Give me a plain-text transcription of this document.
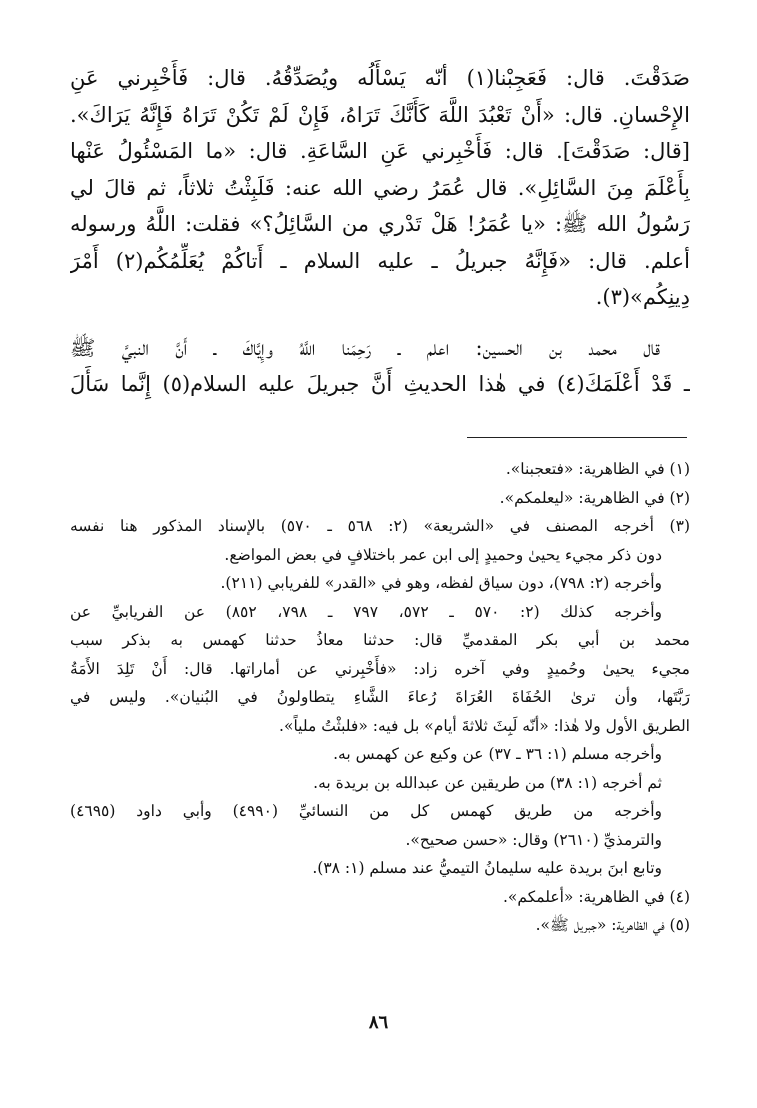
صَدَقْتَ. قال: فَعَجِبْنا(١) أنّه يَسْأَلُه ويُصَدِّقُهُ. قال: فَأَخْبِرني عَنِ
الإِحْسانِ. قال: «أَنْ تَعْبُدَ اللَّهَ كَأَنَّكَ تَرَاهُ، فَإِنْ لَمْ تَكُنْ تَرَاهُ فَإِنَّهُ يَرَاكَ».
[قال: صَدَقْتَ]. قال: فَأَخْبِرني عَنِ السَّاعَةِ. قال: «ما المَسْئُولُ عَنْها
بِأَعْلَمَ مِنَ السَّائِلِ». قال عُمَرُ رضي الله عنه: فَلَبِثْتُ ثلاثاً، ثم قالَ لي
رَسُولُ الله ﷺ: «يا عُمَرُ! هَلْ تَدْري من السَّائِلُ؟» فقلت: اللَّهُ ورسوله
أعلم. قال: «فَإِنَّهُ جبريلُ ـ عليه السلام ـ أَتاكُمْ يُعَلِّمُكُم(٢) أَمْرَ
دِينِكُم»(٣).
قال محمد بن الحسين: اعلم ـ رَحِمَنا اللَّهُ وإِيَّاكَ ـ أَنَّ النبيَّ ﷺ
ـ قَدْ أَعْلَمَكَ(٤) في هٰذا الحديثِ أَنَّ جبريلَ عليه السلام(٥) إِنَّما سَأَلَ
(١) في الظاهرية: «فتعجبنا».
(٢) في الظاهرية: «ليعلمكم».
(٣) أخرجه المصنف في «الشريعة» (٢: ٥٦٨ ـ ٥٧٠) بالإسناد المذكور هنا نفسه
دون ذكر مجيء يحيىٰ وحميدٍ إلى ابن عمر باختلافٍ في بعض المواضع.
وأخرجه (٢: ٧٩٨)، دون سياق لفظه، وهو في «القدر» للفريابي (٢١١).
وأخرجه كذلك (٢: ٥٧٠ ـ ٥٧٢، ٧٩٧ ـ ٧٩٨، ٨٥٢) عن الفريابيِّ عن
محمد بن أبي بكر المقدميِّ قال: حدثنا معاذُ حدثنا كهمس به بذكر سبب
مجيء يحيىٰ وحُميدٍ وفي آخره زاد: «فأَخْبِرني عن أماراتها. قال: أَنْ تَلِدَ الأَمَةُ
رَبَّتَها، وأن ترىٰ الحُفَاةَ العُرَاةَ رُعاءَ الشَّاءِ يتطاولونُ في البُنيان». وليس في
الطريق الأول ولا هٰذا: «أنّه لَبِثَ ثلاثةَ أيام» بل فيه: «فلبثْتُ ملياً».
وأخرجه مسلم (١: ٣٦ ـ ٣٧) عن وكيع عن كهمس به.
ثم أخرجه (١: ٣٨) من طريقين عن عبدالله بن بريدة به.
وأخرجه من طريق كهمس كل من النسائيِّ (٤٩٩٠) وأبي داود (٤٦٩٥)
والترمذيِّ (٢٦١٠) وقال: «حسن صحيح».
وتابع ابنَ بريدة عليه سليمانُ التيميُّ عند مسلم (١: ٣٨).
(٤) في الظاهرية: «أعلمكم».
(٥) في الظاهرية: «جبريل ﷺ».
٨٦
